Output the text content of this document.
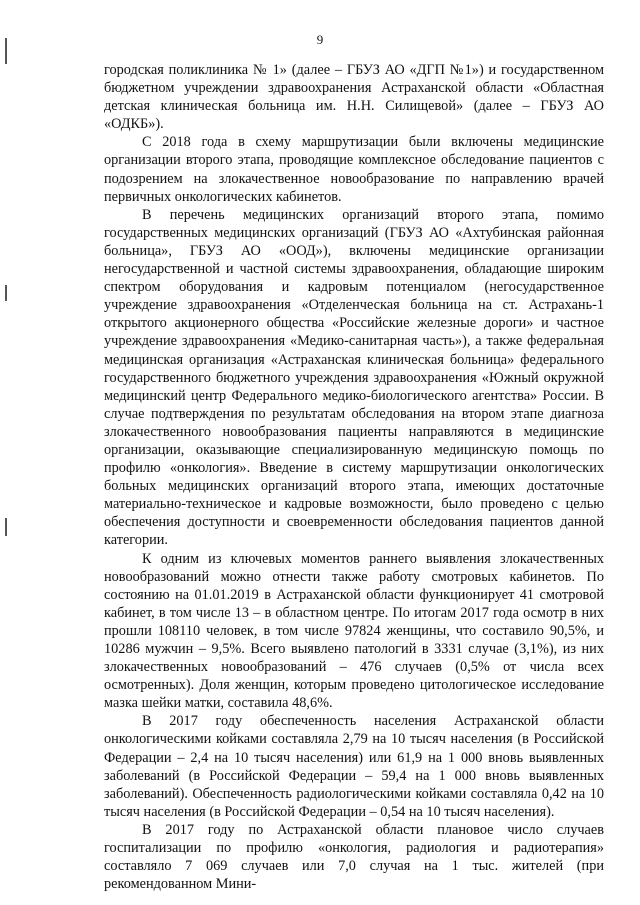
9

городская поликлиника № 1» (далее – ГБУЗ АО «ДГП №1») и государственном бюджетном учреждении здравоохранения Астраханской области «Областная детская клиническая больница им. Н.Н. Силищевой» (далее – ГБУЗ АО «ОДКБ»).

С 2018 года в схему маршрутизации были включены медицинские организации второго этапа, проводящие комплексное обследование пациентов с подозрением на злокачественное новообразование по направлению врачей первичных онкологических кабинетов.

В перечень медицинских организаций второго этапа, помимо государственных медицинских организаций (ГБУЗ АО «Ахтубинская районная больница», ГБУЗ АО «ООД»), включены медицинские организации негосударственной и частной системы здравоохранения, обладающие широким спектром оборудования и кадровым потенциалом (негосударственное учреждение здравоохранения «Отделенческая больница на ст. Астрахань-1 открытого акционерного общества «Российские железные дороги» и частное учреждение здравоохранения «Медико-санитарная часть»), а также федеральная медицинская организация «Астраханская клиническая больница» федерального государственного бюджетного учреждения здравоохранения «Южный окружной медицинский центр Федерального медико-биологического агентства» России. В случае подтверждения по результатам обследования на втором этапе диагноза злокачественного новообразования пациенты направляются в медицинские организации, оказывающие специализированную медицинскую помощь по профилю «онкология». Введение в систему маршрутизации онкологических больных медицинских организаций второго этапа, имеющих достаточные материально-техническое и кадровые возможности, было проведено с целью обеспечения доступности и своевременности обследования пациентов данной категории.

К одним из ключевых моментов раннего выявления злокачественных новообразований можно отнести также работу смотровых кабинетов. По состоянию на 01.01.2019 в Астраханской области функционирует 41 смотровой кабинет, в том числе 13 – в областном центре. По итогам 2017 года осмотр в них прошли 108110 человек, в том числе 97824 женщины, что составило 90,5%, и 10286 мужчин – 9,5%. Всего выявлено патологий в 3331 случае (3,1%), из них злокачественных новообразований – 476 случаев (0,5% от числа всех осмотренных). Доля женщин, которым проведено цитологическое исследование мазка шейки матки, составила 48,6%.

В 2017 году обеспеченность населения Астраханской области онкологическими койками составляла 2,79 на 10 тысяч населения (в Российской Федерации – 2,4 на 10 тысяч населения) или 61,9 на 1 000 вновь выявленных заболеваний (в Российской Федерации – 59,4 на 1 000 вновь выявленных заболеваний). Обеспеченность радиологическими койками составляла 0,42 на 10 тысяч населения (в Российской Федерации – 0,54 на 10 тысяч населения).

В 2017 году по Астраханской области плановое число случаев госпитализации по профилю «онкология, радиология и радиотерапия» составляло 7 069 случаев или 7,0 случая на 1 тыс. жителей (при рекомендованном Мини-
